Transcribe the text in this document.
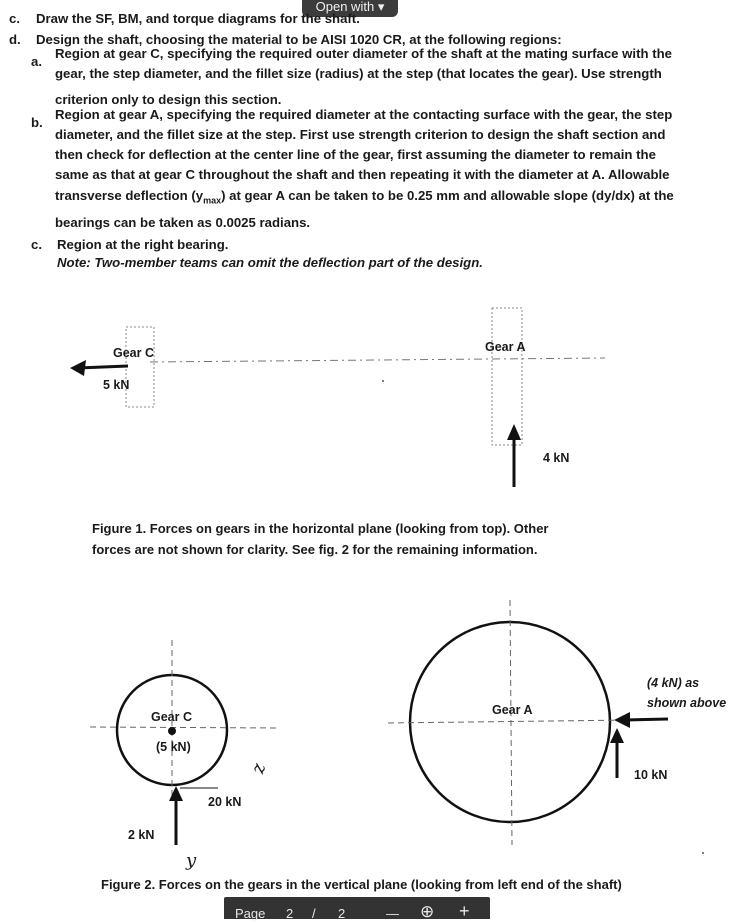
Open with ▾
c. Draw the SF, BM, and torque diagrams for the shaft.
d. Design the shaft, choosing the material to be AISI 1020 CR, at the following regions:
a.
Region at gear C, specifying the required outer diameter of the shaft at the mating surface with the
gear, the step diameter, and the fillet size (radius) at the step (that locates the gear). Use strength
criterion only to design this section.
b.
Region at gear A, specifying the required diameter at the contacting surface with the gear, the step
diameter, and the fillet size at the step. First use strength criterion to design the shaft section and
then check for deflection at the center line of the gear, first assuming the diameter to remain the
same as that at gear C throughout the shaft and then repeating it with the diameter at A. Allowable
transverse deflection $(y_{max})$ at gear A can be taken to be 0.25 mm and allowable slope (dy/dx) at the
bearings can be taken as 0.0025 radians.
c. Region at the right bearing.
Note: Two-member teams can omit the deflection part of the design.
Gear C
5 kN
Gear A
4 kN
Figure 1. Forces on gears in the horizontal plane (looking from top). Other
forces are not shown for clarity. See fig. 2 for the remaining information.
Gear C
(5 kN)
20 kN
2 kN
z
y
Gear A
(4 kN) as
shown above
10 kN
Figure 2. Forces on the gears in the vertical plane (looking from left end of the shaft)
Page 2 / 2	— ⊕ +
